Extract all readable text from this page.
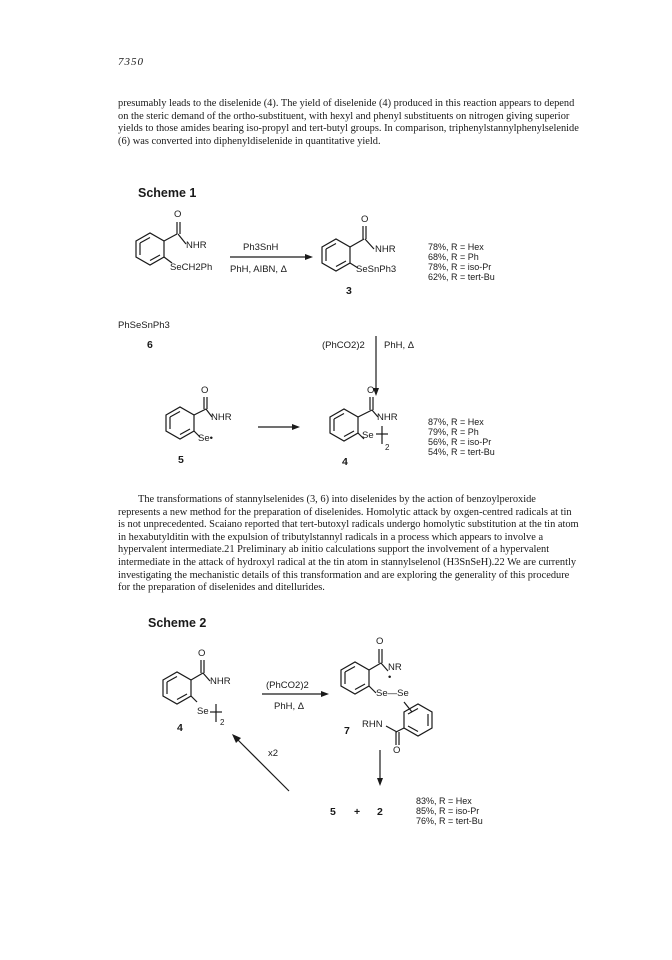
7350
presumably leads to the diselenide (4). The yield of diselenide (4) produced in this reaction appears to depend
on the steric demand of the ortho-substituent, with hexyl and phenyl substituents on nitrogen giving superior
yields to those amides bearing iso-propyl and tert-butyl groups. In comparison, triphenylstannylphenylselenide
(6) was converted into diphenyldiselenide in quantitative yield.
Scheme 1
Scheme 2
The transformations of stannylselenides (3, 6) into diselenides by the action of benzoylperoxide
represents a new method for the preparation of diselenides. Homolytic attack by oxgen-centred radicals at tin
is not unprecedented. Scaiano reported that tert-butoxyl radicals undergo homolytic substitution at the tin atom
in hexabutylditin with the expulsion of tributylstannyl radicals in a process which appears to involve a
hypervalent intermediate.21 Preliminary ab initio calculations support the involvement of a hypervalent
intermediate in the attack of hydroxyl radical at the tin atom in stannylselenol (H3SnSeH).22 We are currently
investigating the mechanistic details of this transformation and are exploring the generality of this procedure
for the preparation of diselenides and ditellurides.
O
NHR
SeCH2Ph
Ph3SnH
PhH, AIBN, Δ
O
NHR
SeSnPh3
3
78%, R = Hex
68%, R = Ph
78%, R = iso-Pr
62%, R = tert-Bu
PhSeSnPh3
6	(PhCO2)2 PhH, Δ
O
NHR
Se•
5
O
NHR
Se
2
4
87%, R = Hex
79%, R = Ph
56%, R = iso-Pr
54%, R = tert-Bu
O
NHR
Se
2
4
(PhCO2)2
PhH, Δ
O
NR
•
Se—Se
RHN
O
7
x2
5 + 2
83%, R = Hex
85%, R = iso-Pr
76%, R = tert-Bu
